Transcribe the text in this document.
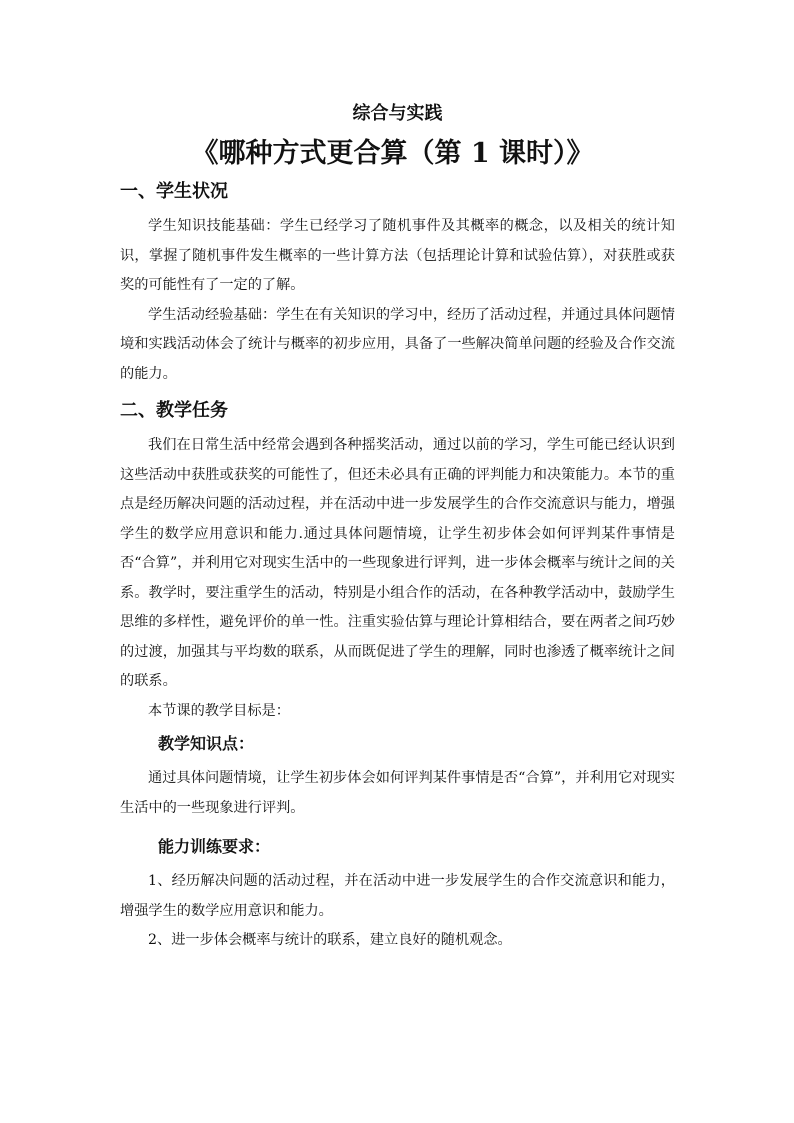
综合与实践

《哪种方式更合算（第 1 课时）》
一、学生状况

学生知识技能基础：学生已经学习了随机事件及其概率的概念，以及相关的统计知识，掌握了随机事件发生概率的一些计算方法（包括理论计算和试验估算），对获胜或获奖的可能性有了一定的了解。

学生活动经验基础：学生在有关知识的学习中，经历了活动过程，并通过具体问题情境和实践活动体会了统计与概率的初步应用，具备了一些解决简单问题的经验及合作交流的能力。

二、教学任务

我们在日常生活中经常会遇到各种摇奖活动，通过以前的学习，学生可能已经认识到这些活动中获胜或获奖的可能性了，但还未必具有正确的评判能力和决策能力。本节的重点是经历解决问题的活动过程，并在活动中进一步发展学生的合作交流意识与能力，增强学生的数学应用意识和能力.通过具体问题情境，让学生初步体会如何评判某件事情是否“合算”，并利用它对现实生活中的一些现象进行评判，进一步体会概率与统计之间的关系。教学时，要注重学生的活动，特别是小组合作的活动，在各种教学活动中，鼓励学生思维的多样性，避免评价的单一性。注重实验估算与理论计算相结合，要在两者之间巧妙的过渡，加强其与平均数的联系，从而既促进了学生的理解，同时也渗透了概率统计之间的联系。

本节课的教学目标是：

教学知识点：

通过具体问题情境，让学生初步体会如何评判某件事情是否“合算”，并利用它对现实生活中的一些现象进行评判。

能力训练要求：

1、经历解决问题的活动过程，并在活动中进一步发展学生的合作交流意识和能力，增强学生的数学应用意识和能力。

2、进一步体会概率与统计的联系，建立良好的随机观念。
